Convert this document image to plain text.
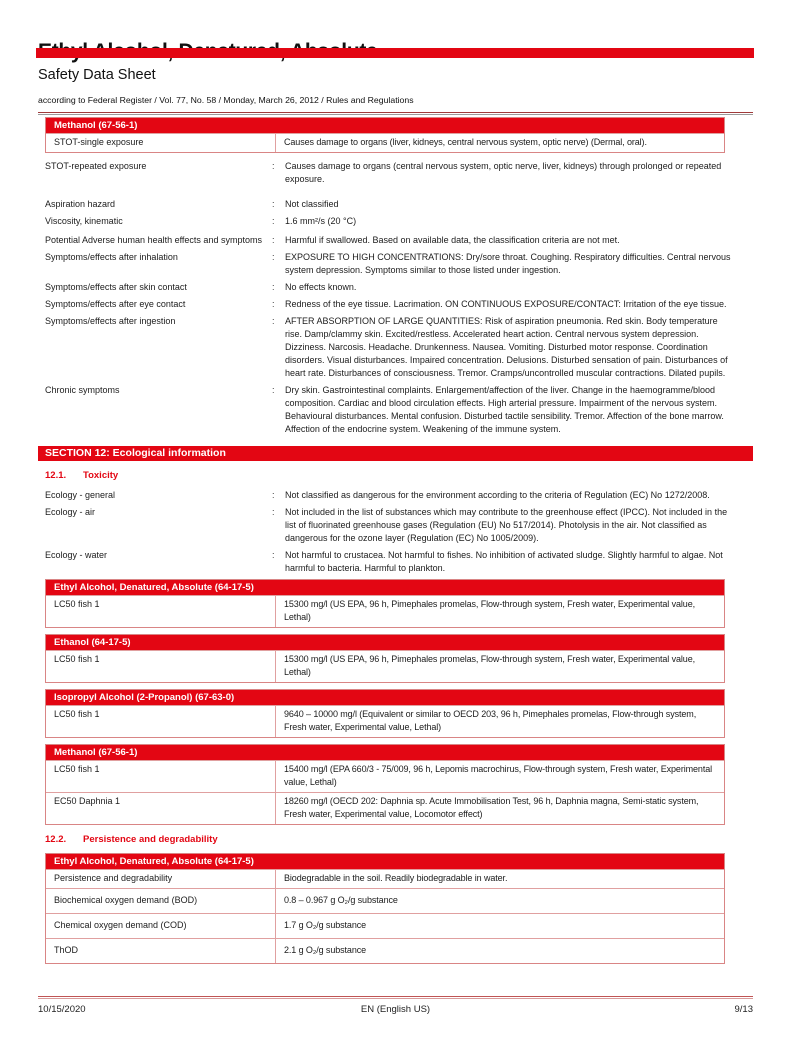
Safety Data Sheet
according to Federal Register / Vol. 77, No. 58 / Monday, March 26, 2012 / Rules and Regulations
Methanol (67-56-1)
STOT-single exposure	Causes damage to organs (liver, kidneys, central nervous system, optic nerve) (Dermal, oral).
STOT-repeated exposure	:	Causes damage to organs (central nervous system, optic nerve, liver, kidneys) through prolonged or repeated exposure.
Aspiration hazard	:	Not classified
Viscosity, kinematic	:	1.6 mm²/s (20 °C)
Potential Adverse human health effects and symptoms	:	Harmful if swallowed. Based on available data, the classification criteria are not met.
Symptoms/effects after inhalation	:	EXPOSURE TO HIGH CONCENTRATIONS: Dry/sore throat. Coughing. Respiratory difficulties. Central nervous system depression. Symptoms similar to those listed under ingestion.
Symptoms/effects after skin contact	:	No effects known.
Symptoms/effects after eye contact	:	Redness of the eye tissue. Lacrimation. ON CONTINUOUS EXPOSURE/CONTACT: Irritation of the eye tissue.
Symptoms/effects after ingestion	:	AFTER ABSORPTION OF LARGE QUANTITIES: Risk of aspiration pneumonia. Red skin. Body temperature rise. Damp/clammy skin. Excited/restless. Accelerated heart action. Central nervous system depression. Dizziness. Narcosis. Headache. Drunkenness. Nausea. Vomiting. Disturbed motor response. Coordination disorders. Visual disturbances. Impaired concentration. Delusions. Disturbed sensation of pain. Disturbances of heart rate. Disturbances of consciousness. Tremor. Cramps/uncontrolled muscular contractions. Dilated pupils.
Chronic symptoms	:	Dry skin. Gastrointestinal complaints. Enlargement/affection of the liver. Change in the haemogramme/blood composition. Cardiac and blood circulation effects. High arterial pressure. Impairment of the nervous system. Behavioural disturbances. Mental confusion. Disturbed tactile sensibility. Tremor. Affection of the bone marrow. Affection of the endocrine system. Weakening of the immune system.
SECTION 12: Ecological information
12.1.	Toxicity
Ecology - general	:	Not classified as dangerous for the environment according to the criteria of Regulation (EC) No 1272/2008.
Ecology - air	:	Not included in the list of substances which may contribute to the greenhouse effect (IPCC). Not included in the list of fluorinated greenhouse gases (Regulation (EU) No 517/2014). Photolysis in the air. Not classified as dangerous for the ozone layer (Regulation (EC) No 1005/2009).
Ecology - water	:	Not harmful to crustacea. Not harmful to fishes. No inhibition of activated sludge. Slightly harmful to algae. Not harmful to bacteria. Harmful to plankton.
Ethyl Alcohol, Denatured, Absolute (64-17-5)
LC50 fish 1	15300 mg/l (US EPA, 96 h, Pimephales promelas, Flow-through system, Fresh water, Experimental value, Lethal)
Ethanol (64-17-5)
LC50 fish 1	15300 mg/l (US EPA, 96 h, Pimephales promelas, Flow-through system, Fresh water, Experimental value, Lethal)
Isopropyl Alcohol (2-Propanol) (67-63-0)
LC50 fish 1	9640 – 10000 mg/l (Equivalent or similar to OECD 203, 96 h, Pimephales promelas, Flow-through system, Fresh water, Experimental value, Lethal)
Methanol (67-56-1)
LC50 fish 1	15400 mg/l (EPA 660/3 - 75/009, 96 h, Lepomis macrochirus, Flow-through system, Fresh water, Experimental value, Lethal)
EC50 Daphnia 1	18260 mg/l (OECD 202: Daphnia sp. Acute Immobilisation Test, 96 h, Daphnia magna, Semi-static system, Fresh water, Experimental value, Locomotor effect)
12.2.	Persistence and degradability
Ethyl Alcohol, Denatured, Absolute (64-17-5)
Persistence and degradability	Biodegradable in the soil. Readily biodegradable in water.
Biochemical oxygen demand (BOD)	0.8 – 0.967 g O₂/g substance
Chemical oxygen demand (COD)	1.7 g O₂/g substance
ThOD	2.1 g O₂/g substance
10/15/2020	EN (English US)	9/13
